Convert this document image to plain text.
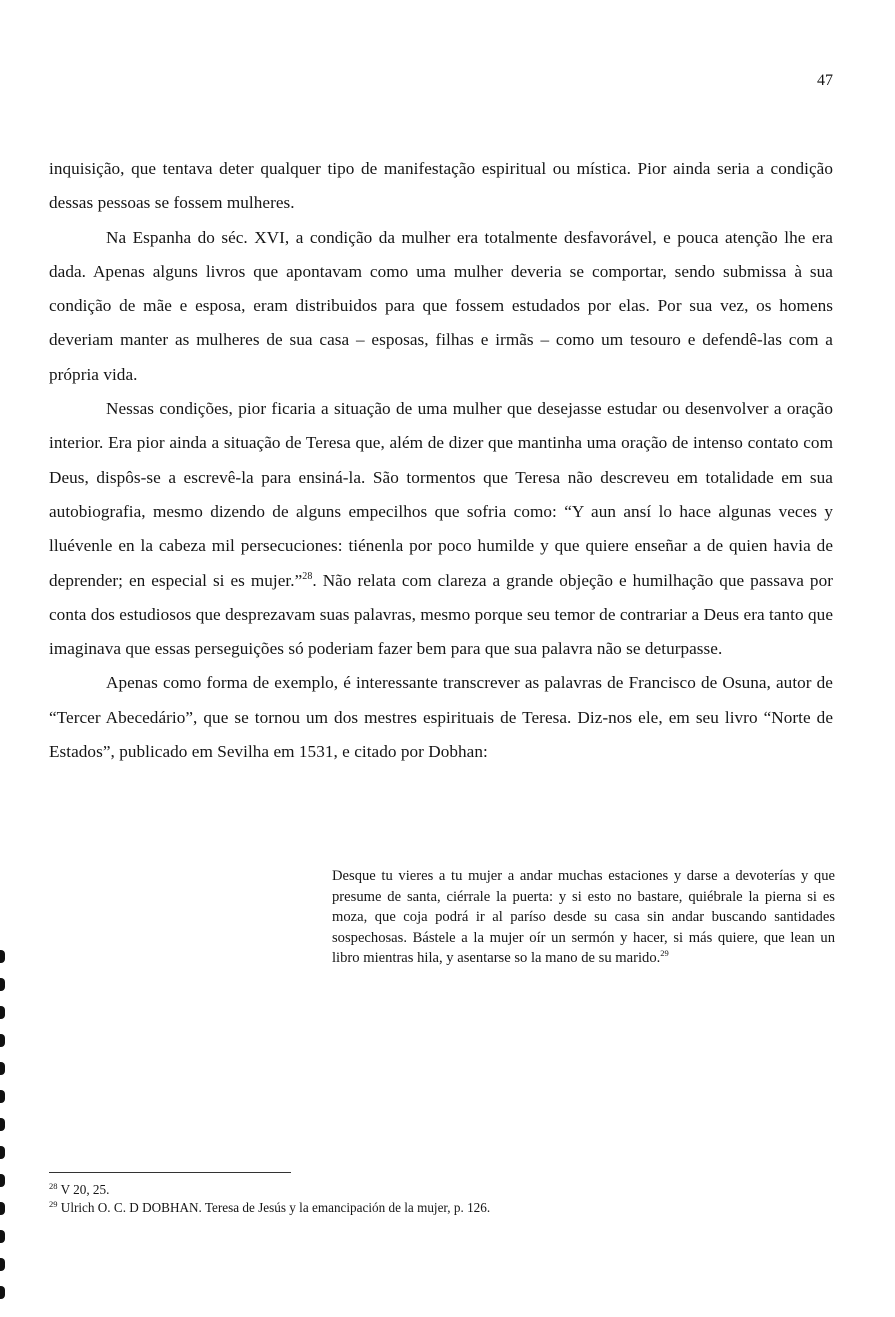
47

inquisição, que tentava deter qualquer tipo de manifestação espiritual ou mística. Pior ainda seria a condição dessas pessoas se fossem mulheres.

Na Espanha do séc. XVI, a condição da mulher era totalmente desfavorável, e pouca atenção lhe era dada. Apenas alguns livros que apontavam como uma mulher deveria se comportar, sendo submissa à sua condição de mãe e esposa, eram distribuidos para que fossem estudados por elas. Por sua vez, os homens deveriam manter as mulheres de sua casa – esposas, filhas e irmãs – como um tesouro e defendê-las com a própria vida.

Nessas condições, pior ficaria a situação de uma mulher que desejasse estudar ou desenvolver a oração interior. Era pior ainda a situação de Teresa que, além de dizer que mantinha uma oração de intenso contato com Deus, dispôs-se a escrevê-la para ensiná-la. São tormentos que Teresa não descreveu em totalidade em sua autobiografia, mesmo dizendo de alguns empecilhos que sofria como: “Y aun ansí lo hace algunas veces y lluévenle en la cabeza mil persecuciones: tiénenla por poco humilde y que quiere enseñar a de quien havia de deprender; en especial si es mujer.”$^{28}$. Não relata com clareza a grande objeção e humilhação que passava por conta dos estudiosos que desprezavam suas palavras, mesmo porque seu temor de contrariar a Deus era tanto que imaginava que essas perseguições só poderiam fazer bem para que sua palavra não se deturpasse.

Apenas como forma de exemplo, é interessante transcrever as palavras de Francisco de Osuna, autor de “Tercer Abecedário”, que se tornou um dos mestres espirituais de Teresa. Diz-nos ele, em seu livro “Norte de Estados”, publicado em Sevilha em 1531, e citado por Dobhan:

Desque tu vieres a tu mujer a andar muchas estaciones y darse a devoterías y que presume de santa, ciérrale la puerta: y si esto no bastare, quiébrale la pierna si es moza, que coja podrá ir al paríso desde su casa sin andar buscando santidades sospechosas. Bástele a la mujer oír un sermón y hacer, si más quiere, que lean un libro mientras hila, y asentarse so la mano de su marido.$^{29}$

$^{28}$ V 20, 25.

$^{29}$ Ulrich O. C. D DOBHAN. Teresa de Jesús y la emancipación de la mujer, p. 126.
